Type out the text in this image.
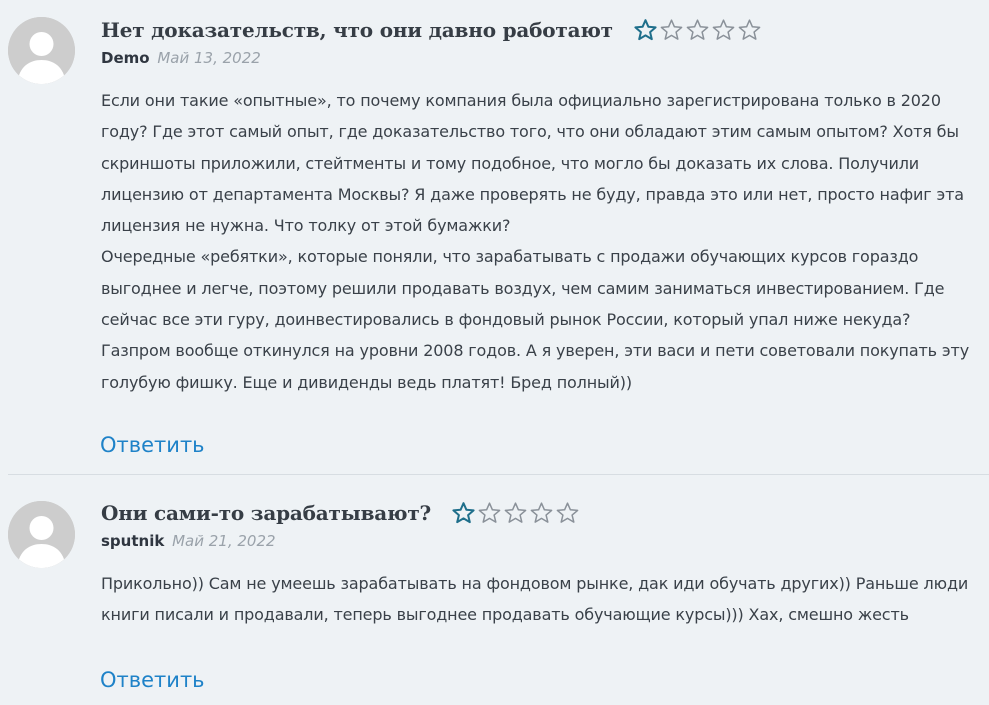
Нет доказательств, что они давно работают
Demo Май 13, 2022

Если они такие «опытные», то почему компания была официально зарегистрирована только в 2020 году? Где этот самый опыт, где доказательство того, что они обладают этим самым опытом? Хотя бы скриншоты приложили, стейтменты и тому подобное, что могло бы доказать их слова. Получили лицензию от департамента Москвы? Я даже проверять не буду, правда это или нет, просто нафиг эта лицензия не нужна. Что толку от этой бумажки?

Очередные «ребятки», которые поняли, что зарабатывать с продажи обучающих курсов гораздо выгоднее и легче, поэтому решили продавать воздух, чем самим заниматься инвестированием. Где сейчас все эти гуру, доинвестировались в фондовый рынок России, который упал ниже некуда? Газпром вообще откинулся на уровни 2008 годов. А я уверен, эти васи и пети советовали покупать эту голубую фишку. Еще и дивиденды ведь платят! Бред полный))

Ответить
Они сами-то зарабатывают?
sputnik Май 21, 2022

Прикольно)) Сам не умеешь зарабатывать на фондовом рынке, дак иди обучать других)) Раньше люди книги писали и продавали, теперь выгоднее продавать обучающие курсы))) Хах, смешно жесть

Ответить
